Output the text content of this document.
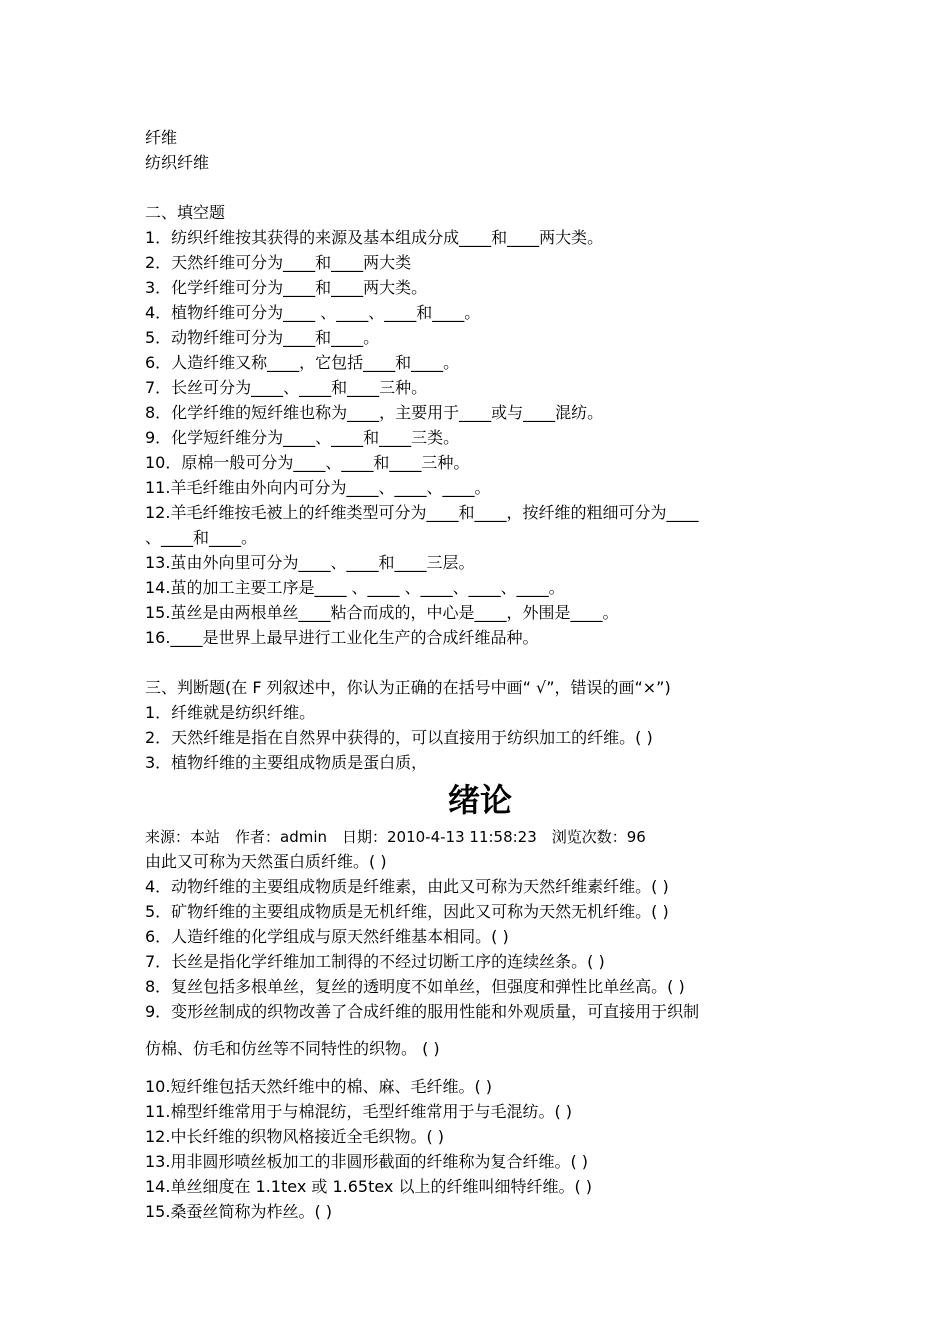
纤维
纺织纤维
二、填空题
1．纺织纤维按其获得的来源及基本组成分成____和____两大类。
2．天然纤维可分为____和____两大类
3．化学纤维可分为____和____两大类。
4．植物纤维可分为____ 、____、____和____。
5．动物纤维可分为____和____。
6．人造纤维又称____，它包括____和____。
7．长丝可分为____、____和____三种。
8．化学纤维的短纤维也称为____，主要用于____或与____混纺。
9．化学短纤维分为____、____和____三类。
10．原棉一般可分为____、____和____三种。
11.羊毛纤维由外向内可分为____、____、____。
12.羊毛纤维按毛被上的纤维类型可分为____和____，按纤维的粗细可分为____
、____和____。
13.茧由外向里可分为____、____和____三层。
14.茧的加工主要工序是____ 、____ 、____、____、____。
15.茧丝是由两根单丝____粘合而成的，中心是____，外围是____。
16.____是世界上最早进行工业化生产的合成纤维品种。
三、判断题(在 F 列叙述中，你认为正确的在括号中画“ √”，错误的画“×”)
1．纤维就是纺织纤维。
2．天然纤维是指在自然界中获得的，可以直接用于纺织加工的纤维。( )
3．植物纤维的主要组成物质是蛋白质，
绪论
来源：本站　作者：admin　日期：2010-4-13 11:58:23　浏览次数：96
由此又可称为天然蛋白质纤维。( )
4．动物纤维的主要组成物质是纤维素，由此又可称为天然纤维素纤维。( )
5．矿物纤维的主要组成物质是无机纤维，因此又可称为天然无机纤维。( )
6．人造纤维的化学组成与原天然纤维基本相同。( )
7．长丝是指化学纤维加工制得的不经过切断工序的连续丝条。( )
8．复丝包括多根单丝，复丝的透明度不如单丝，但强度和弹性比单丝高。( )
9．变形丝制成的织物改善了合成纤维的服用性能和外观质量，可直接用于织制
仿棉、仿毛和仿丝等不同特性的织物。 ( )
10.短纤维包括天然纤维中的棉、麻、毛纤维。( )
11.棉型纤维常用于与棉混纺，毛型纤维常用于与毛混纺。( )
12.中长纤维的织物风格接近全毛织物。( )
13.用非圆形喷丝板加工的非圆形截面的纤维称为复合纤维。( )
14.单丝细度在 1.1tex 或 1.65tex 以上的纤维叫细特纤维。( )
15.桑蚕丝简称为柞丝。( )
